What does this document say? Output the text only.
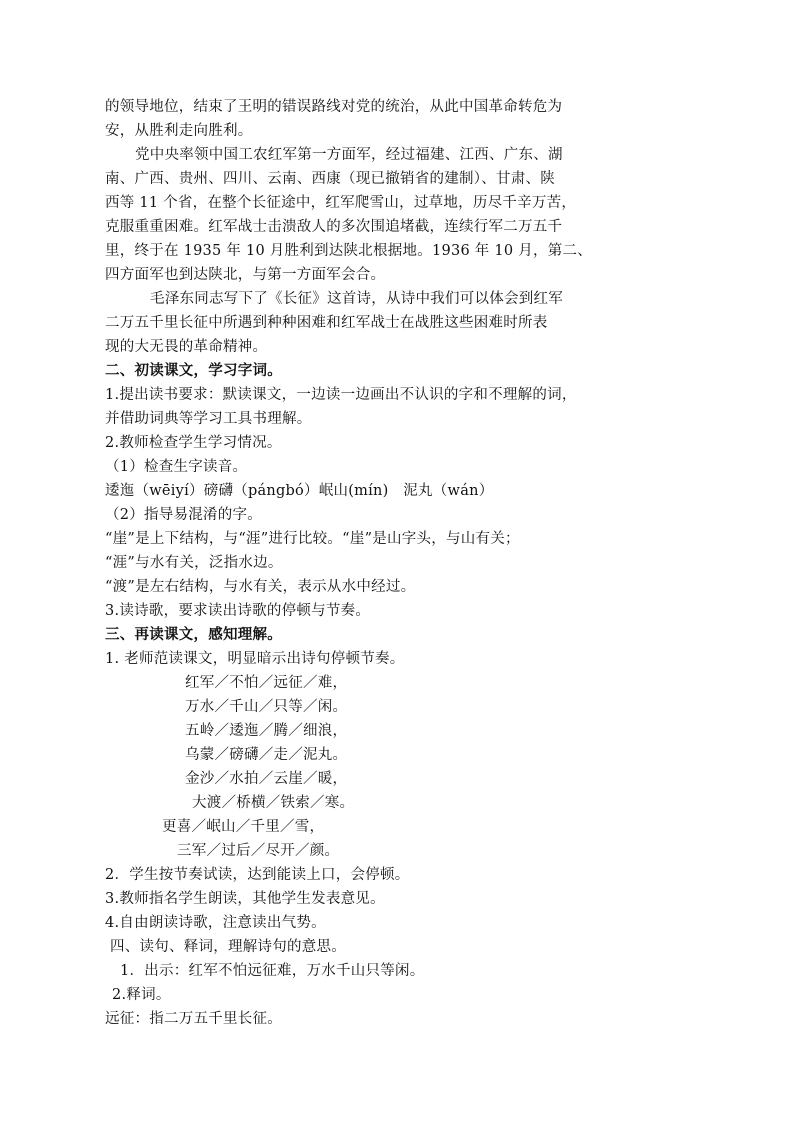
的领导地位，结束了王明的错误路线对党的统治，从此中国革命转危为
安，从胜利走向胜利。
党中央率领中国工农红军第一方面军，经过福建、江西、广东、湖
南、广西、贵州、四川、云南、西康（现已撤销省的建制）、甘肃、陕
西等 11 个省，在整个长征途中，红军爬雪山，过草地，历尽千辛万苦，
克服重重困难。红军战士击溃敌人的多次围追堵截，连续行军二万五千
里，终于在 1935 年 10 月胜利到达陕北根据地。1936 年 10 月，第二、
四方面军也到达陕北，与第一方面军会合。
毛泽东同志写下了《长征》这首诗，从诗中我们可以体会到红军
二万五千里长征中所遇到种种困难和红军战士在战胜这些困难时所表
现的大无畏的革命精神。
二、初读课文，学习字词。
1.提出读书要求：默读课文，一边读一边画出不认识的字和不理解的词，
并借助词典等学习工具书理解。
2.教师检查学生学习情况。
（1）检查生字读音。
逶迤（wēiyí）磅礴（pángbó）岷山(mín)　泥丸（wán）
（2）指导易混淆的字。
“崖”是上下结构，与“涯”进行比较。“崖”是山字头，与山有关；
“涯”与水有关，泛指水边。
“渡”是左右结构，与水有关，表示从水中经过。
3.读诗歌，要求读出诗歌的停顿与节奏。
三、再读课文，感知理解。
1. 老师范读课文，明显暗示出诗句停顿节奏。
红军／不怕／远征／难，
万水／千山／只等／闲。
五岭／逶迤／腾／细浪，
乌蒙／磅礴／走／泥丸。
金沙／水拍／云崖／暖，
大渡／桥横／铁索／寒。
更喜／岷山／千里／雪，
三军／过后／尽开／颜。
2．学生按节奏试读，达到能读上口，会停顿。
3.教师指名学生朗读，其他学生发表意见。
4.自由朗读诗歌，注意读出气势。
四、读句、释词，理解诗句的意思。
1．出示：红军不怕远征难，万水千山只等闲。
2.释词。
远征：指二万五千里长征。
